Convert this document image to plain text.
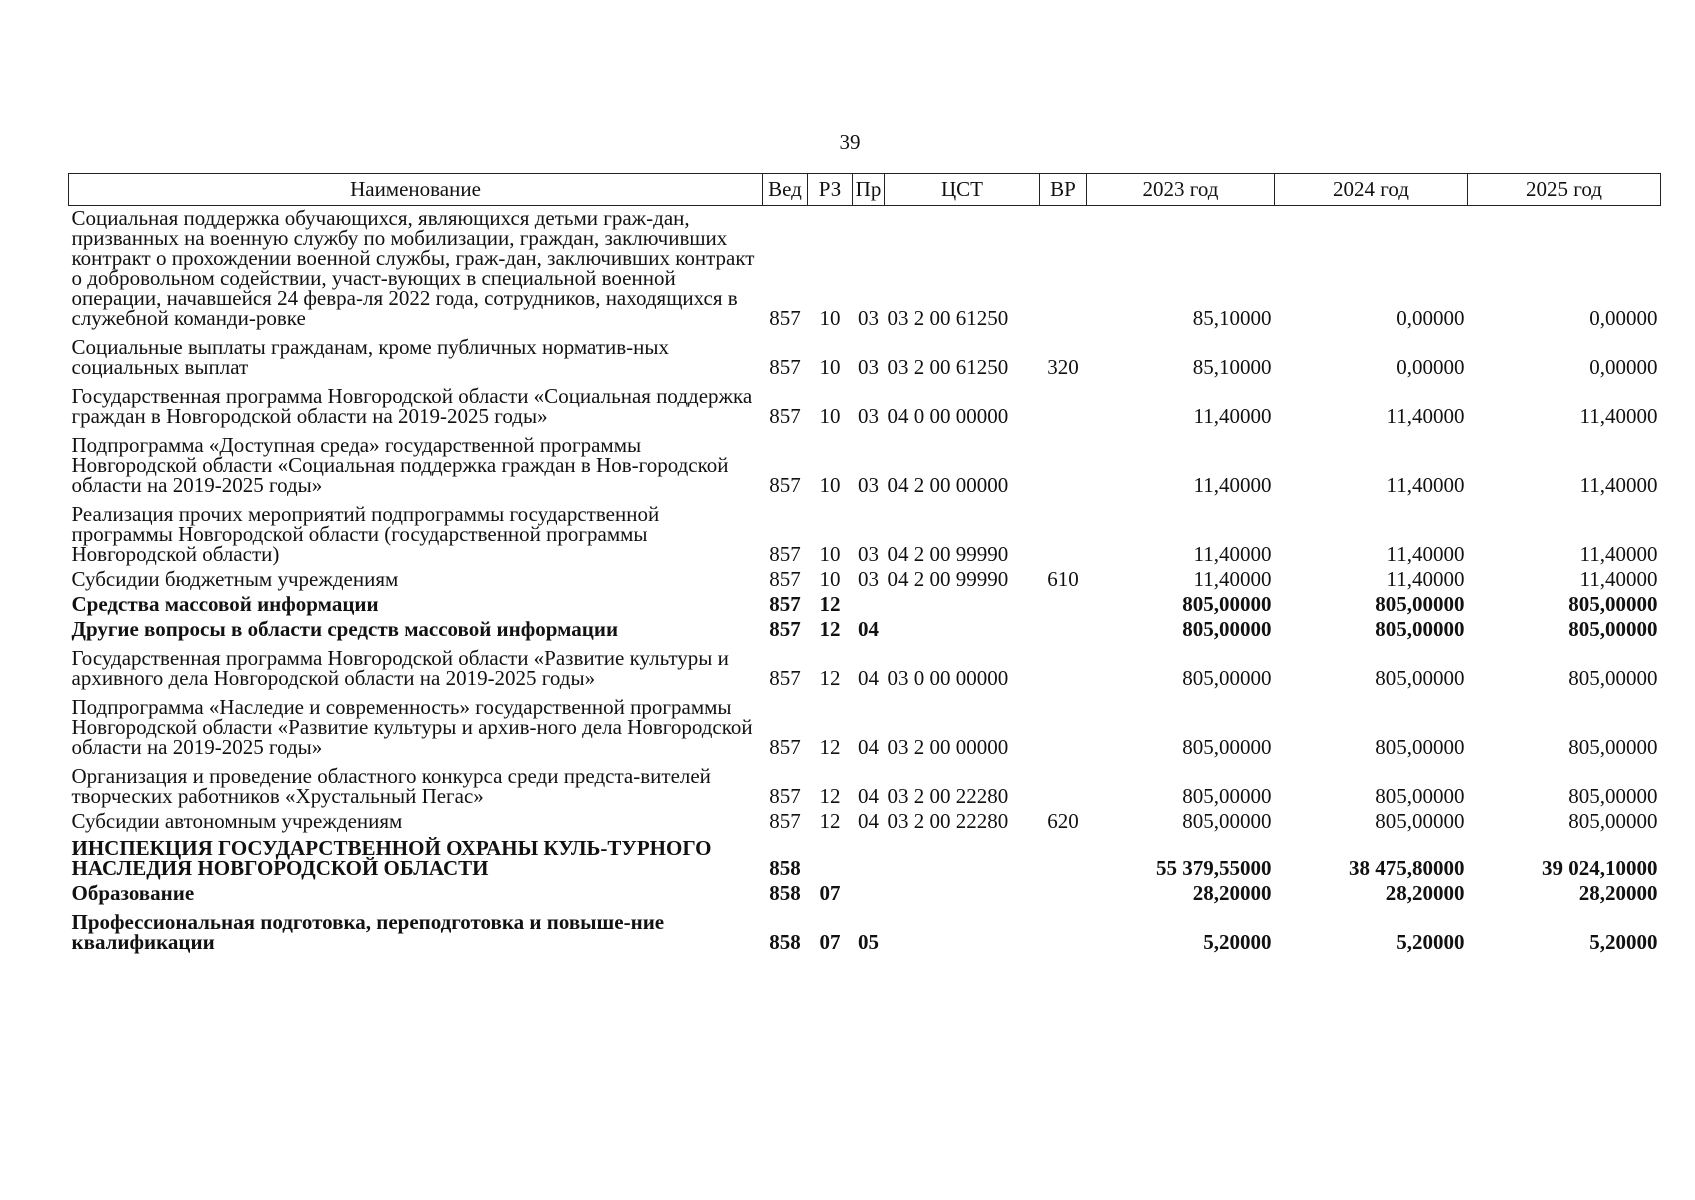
39
Наименование	Вед	РЗ	Пр	ЦСТ	ВР	2023 год	2024 год	2025 год
Социальная поддержка обучающихся, являющихся детьми граж-дан, призванных на военную службу по мобилизации, граждан, заключивших контракт о прохождении военной службы, граж-дан, заключивших контракт о добровольном содействии, участ-вующих в специальной военной операции, начавшейся 24 февра-ля 2022 года, сотрудников, находящихся в служебной команди-ровке	857	10	03	03 2 00 61250		85,10000	0,00000	0,00000
Социальные выплаты гражданам, кроме публичных норматив-ных социальных выплат	857	10	03	03 2 00 61250	320	85,10000	0,00000	0,00000
Государственная программа Новгородской области «Социальная поддержка граждан в Новгородской области на 2019-2025 годы»	857	10	03	04 0 00 00000		11,40000	11,40000	11,40000
Подпрограмма «Доступная среда» государственной программы Новгородской области «Социальная поддержка граждан в Нов-городской области на 2019-2025 годы»	857	10	03	04 2 00 00000		11,40000	11,40000	11,40000
Реализация прочих мероприятий подпрограммы государственной программы Новгородской области (государственной программы Новгородской области)	857	10	03	04 2 00 99990		11,40000	11,40000	11,40000
Субсидии бюджетным учреждениям	857	10	03	04 2 00 99990	610	11,40000	11,40000	11,40000
Средства массовой информации	857	12				805,00000	805,00000	805,00000
Другие вопросы в области средств массовой информации	857	12	04			805,00000	805,00000	805,00000
Государственная программа Новгородской области «Развитие культуры и архивного дела Новгородской области на 2019-2025 годы»	857	12	04	03 0 00 00000		805,00000	805,00000	805,00000
Подпрограмма «Наследие и современность» государственной программы Новгородской области «Развитие культуры и архив-ного дела Новгородской области на 2019-2025 годы»	857	12	04	03 2 00 00000		805,00000	805,00000	805,00000
Организация и проведение областного конкурса среди предста-вителей творческих работников «Хрустальный Пегас»	857	12	04	03 2 00 22280		805,00000	805,00000	805,00000
Субсидии автономным учреждениям	857	12	04	03 2 00 22280	620	805,00000	805,00000	805,00000
ИНСПЕКЦИЯ ГОСУДАРСТВЕННОЙ ОХРАНЫ КУЛЬ-ТУРНОГО НАСЛЕДИЯ НОВГОРОДСКОЙ ОБЛАСТИ	858					55 379,55000	38 475,80000	39 024,10000
Образование	858	07				28,20000	28,20000	28,20000
Профессиональная подготовка, переподготовка и повыше-ние квалификации	858	07	05			5,20000	5,20000	5,20000
